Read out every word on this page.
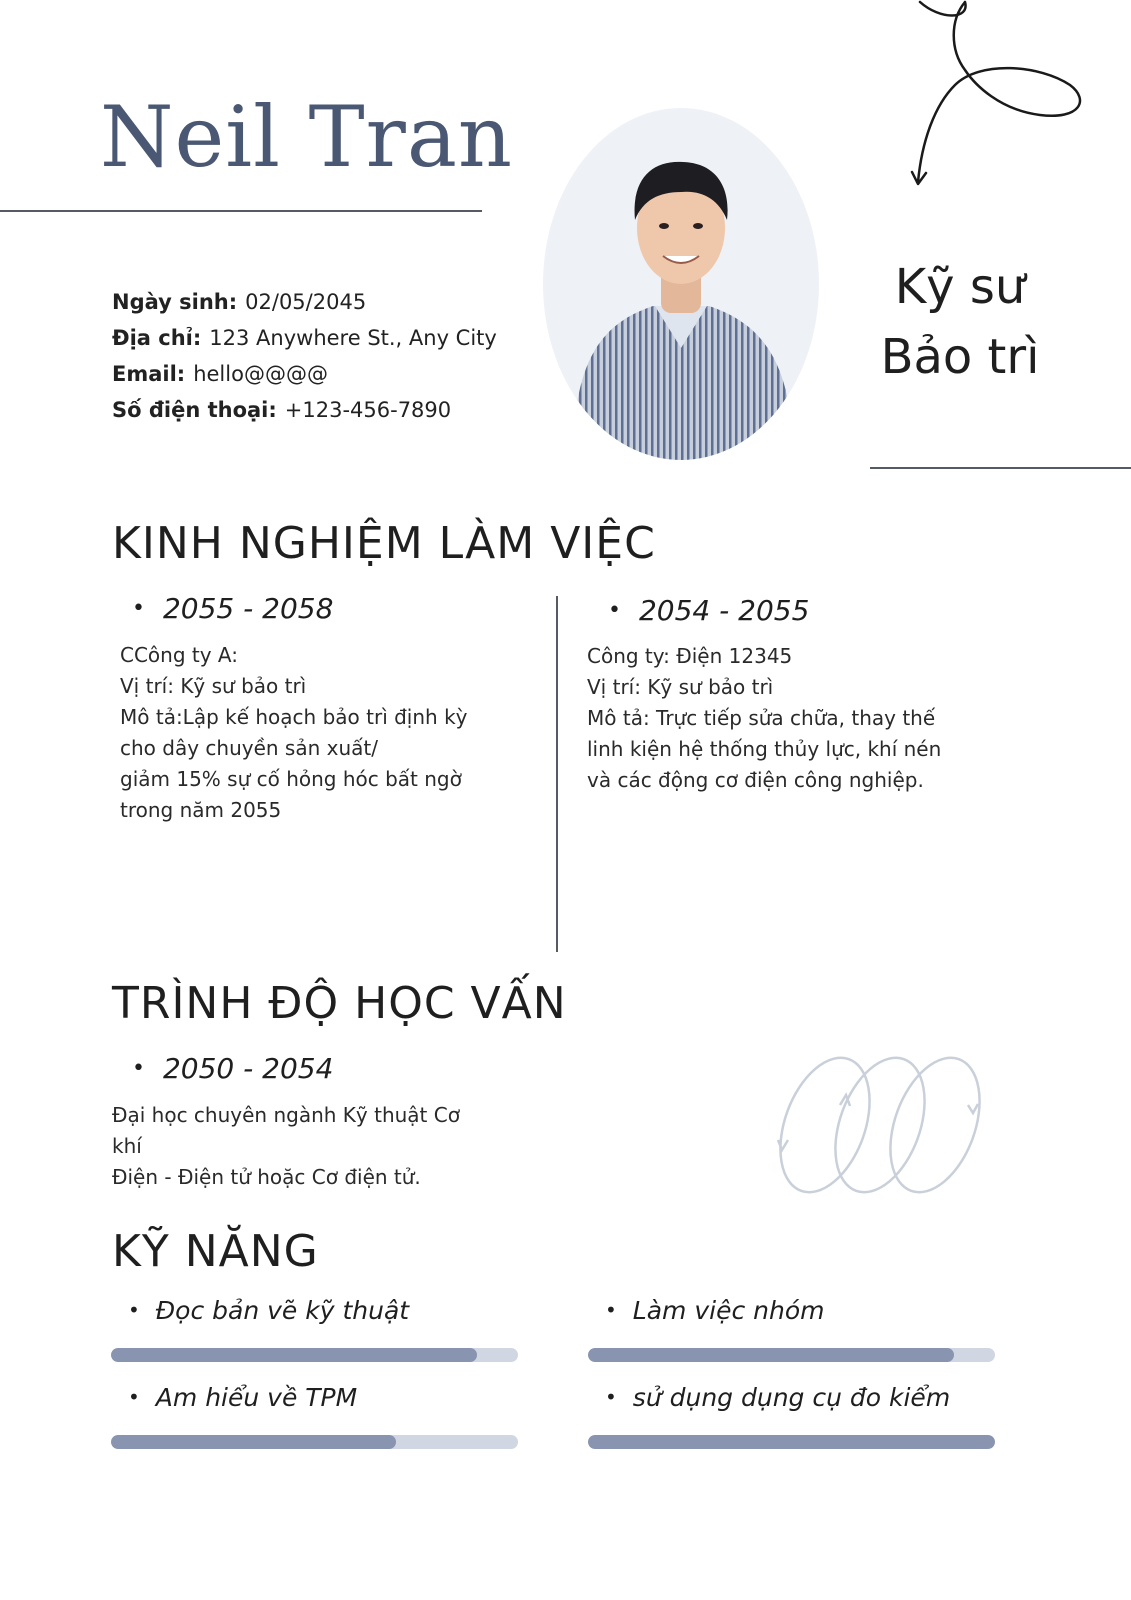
Neil Tran
Ngày sinh: 02/05/2045
Địa chỉ: 123 Anywhere St., Any City
Email: hello@@@@
Số điện thoại: +123-456-7890
Kỹ sư
Bảo trì
KINH NGHIỆM LÀM VIỆC
• 2055 - 2058
CCông ty A:
Vị trí: Kỹ sư bảo trì
Mô tả:Lập kế hoạch bảo trì định kỳ
cho dây chuyền sản xuất/
giảm 15% sự cố hỏng hóc bất ngờ
trong năm 2055
• 2054 - 2055
Công ty: Điện 12345
Vị trí: Kỹ sư bảo trì
Mô tả: Trực tiếp sửa chữa, thay thế
linh kiện hệ thống thủy lực, khí nén
và các động cơ điện công nghiệp.
TRÌNH ĐỘ HỌC VẤN
• 2050 - 2054
Đại học chuyên ngành Kỹ thuật Cơ
khí
Điện - Điện tử hoặc Cơ điện tử.
KỸ NĂNG
• Đọc bản vẽ kỹ thuật	• Làm việc nhóm
• Am hiểu về TPM	• sử dụng dụng cụ đo kiểm
